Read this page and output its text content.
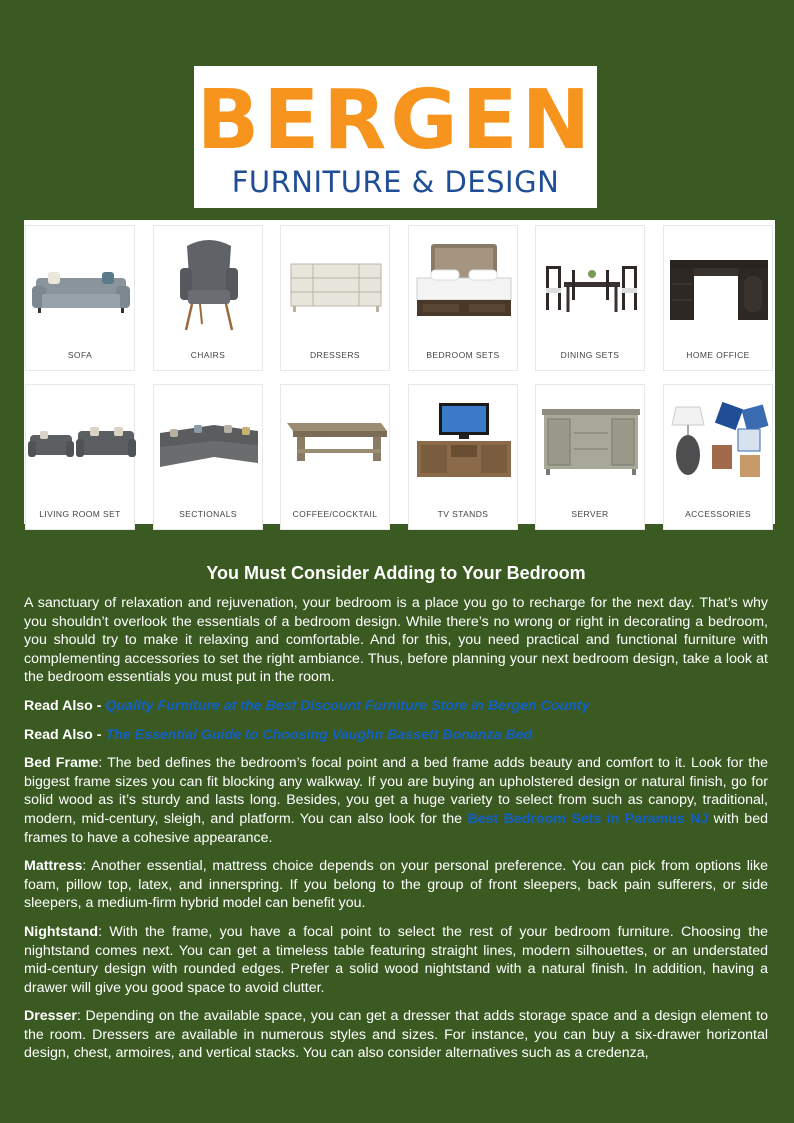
BERGEN
FURNITURE & DESIGN
SOFA	CHAIRS	DRESSERS	BEDROOM SETS	DINING SETS	HOME OFFICE
LIVING ROOM SET	SECTIONALS	COFFEE/COCKTAIL	TV STANDS	SERVER	ACCESSORIES
You Must Consider Adding to Your Bedroom

A sanctuary of relaxation and rejuvenation, your bedroom is a place you go to recharge for the next day. That’s why you shouldn’t overlook the essentials of a bedroom design. While there’s no wrong or right in decorating a bedroom, you should try to make it relaxing and comfortable. And for this, you need practical and functional furniture with complementing accessories to set the right ambiance. Thus, before planning your next bedroom design, take a look at the bedroom essentials you must put in the room.

Read Also - Quality Furniture at the Best Discount Furniture Store in Bergen County

Read Also - The Essential Guide to Choosing Vaughn Bassett Bonanza Bed

Bed Frame: The bed defines the bedroom’s focal point and a bed frame adds beauty and comfort to it. Look for the biggest frame sizes you can fit blocking any walkway. If you are buying an upholstered design or natural finish, go for solid wood as it’s sturdy and lasts long. Besides, you get a huge variety to select from such as canopy, traditional, modern, mid-century, sleigh, and platform. You can also look for the Best Bedroom Sets in Paramus NJ with bed frames to have a cohesive appearance.

Mattress: Another essential, mattress choice depends on your personal preference. You can pick from options like foam, pillow top, latex, and innerspring. If you belong to the group of front sleepers, back pain sufferers, or side sleepers, a medium-firm hybrid model can benefit you.

Nightstand: With the frame, you have a focal point to select the rest of your bedroom furniture. Choosing the nightstand comes next. You can get a timeless table featuring straight lines, modern silhouettes, or an understated mid-century design with rounded edges. Prefer a solid wood nightstand with a natural finish. In addition, having a drawer will give you good space to avoid clutter.

Dresser: Depending on the available space, you can get a dresser that adds storage space and a design element to the room. Dressers are available in numerous styles and sizes. For instance, you can buy a six-drawer horizontal design, chest, armoires, and vertical stacks. You can also consider alternatives such as a credenza,
